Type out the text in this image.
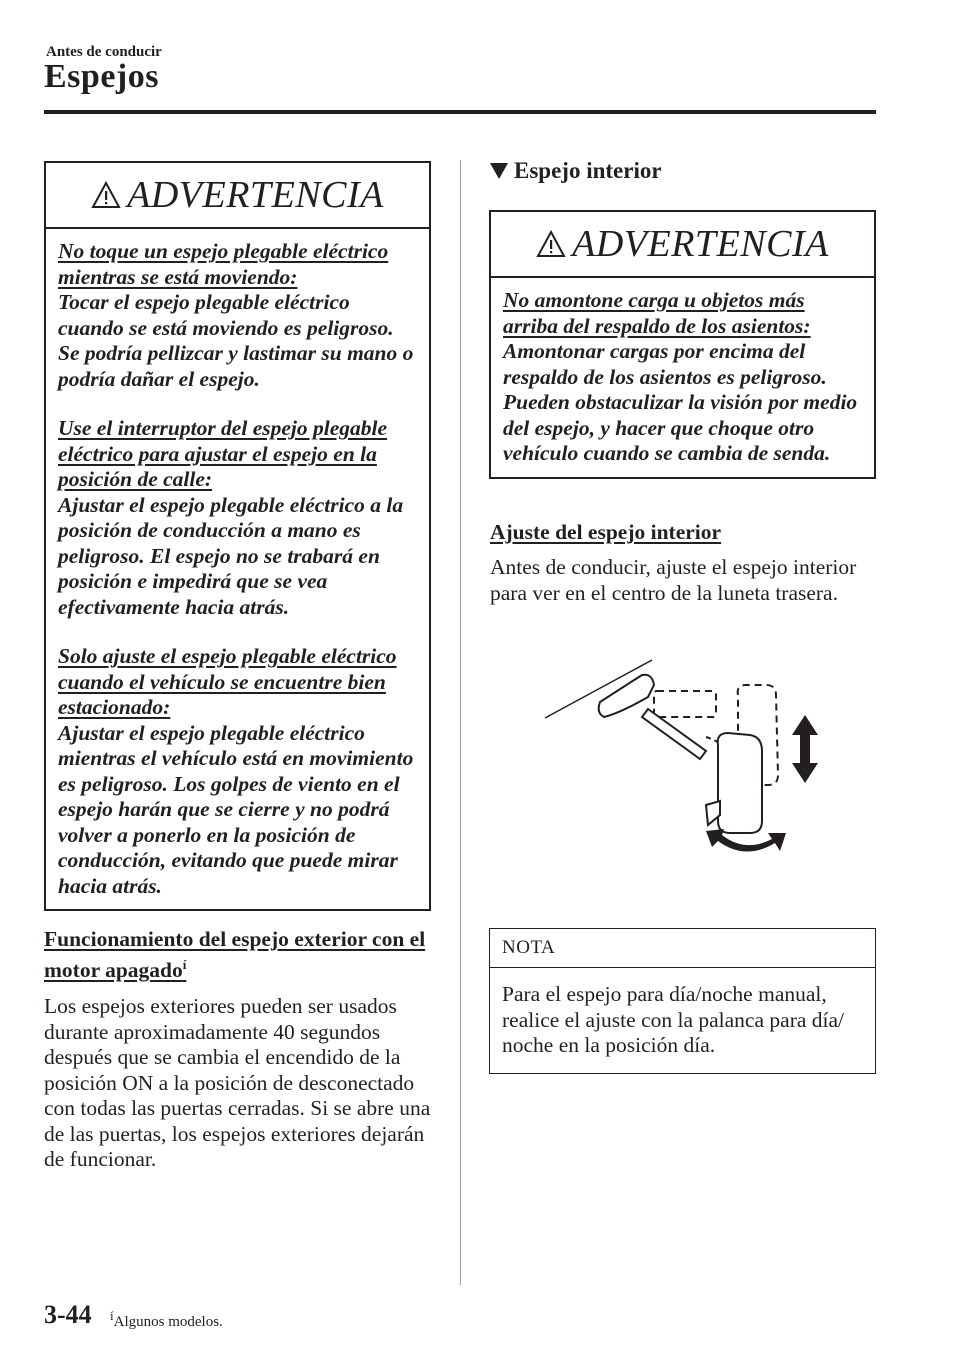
Antes de conducir
Espejos
ADVERTENCIA

No toque un espejo plegable eléctrico mientras se está moviendo:
Tocar el espejo plegable eléctrico cuando se está moviendo es peligroso. Se podría pellizcar y lastimar su mano o podría dañar el espejo.

Use el interruptor del espejo plegable eléctrico para ajustar el espejo en la posición de calle:
Ajustar el espejo plegable eléctrico a la posición de conducción a mano es peligroso. El espejo no se trabará en posición e impedirá que se vea efectivamente hacia atrás.

Solo ajuste el espejo plegable eléctrico cuando el vehículo se encuentre bien estacionado:
Ajustar el espejo plegable eléctrico mientras el vehículo está en movimiento es peligroso. Los golpes de viento en el espejo harán que se cierre y no podrá volver a ponerlo en la posición de conducción, evitando que puede mirar hacia atrás.

Funcionamiento del espejo exterior con el motor apagado$^í$
Los espejos exteriores pueden ser usados durante aproximadamente 40 segundos después que se cambia el encendido de la posición ON a la posición de desconectado con todas las puertas cerradas. Si se abre una de las puertas, los espejos exteriores dejarán de funcionar.
Espejo interior
ADVERTENCIA

No amontone carga u objetos más arriba del respaldo de los asientos:
Amontonar cargas por encima del respaldo de los asientos es peligroso. Pueden obstaculizar la visión por medio del espejo, y hacer que choque otro vehículo cuando se cambia de senda.

Ajuste del espejo interior
Antes de conducir, ajuste el espejo interior para ver en el centro de la luneta trasera.
NOTA
Para el espejo para día/noche manual, realice el ajuste con la palanca para día/ noche en la posición día.
3-44 íAlgunos modelos.
